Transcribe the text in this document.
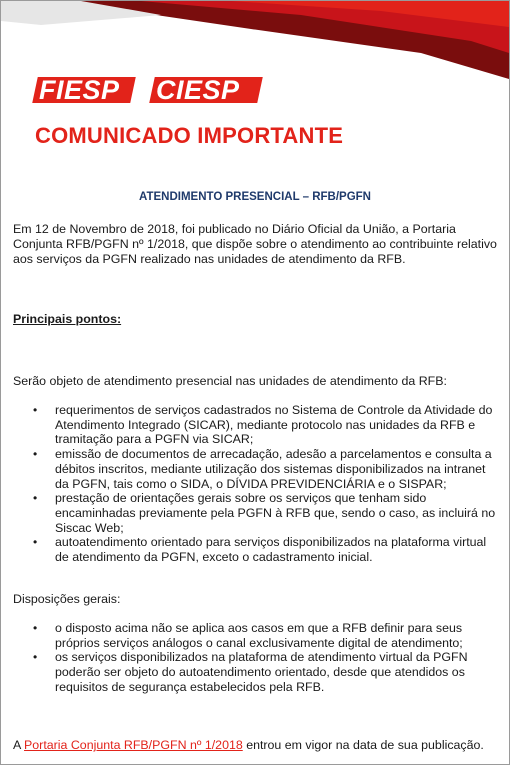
FIESP	CIESP
COMUNICADO IMPORTANTE
ATENDIMENTO PRESENCIAL – RFB/PGFN
Em 12 de Novembro de 2018, foi publicado no Diário Oficial da União, a Portaria Conjunta RFB/PGFN nº 1/2018, que dispõe sobre o atendimento ao contribuinte relativo aos serviços da PGFN realizado nas unidades de atendimento da RFB.
Principais pontos:
Serão objeto de atendimento presencial nas unidades de atendimento da RFB:
• requerimentos de serviços cadastrados no Sistema de Controle da Atividade do Atendimento Integrado (SICAR), mediante protocolo nas unidades da RFB e tramitação para a PGFN via SICAR;
• emissão de documentos de arrecadação, adesão a parcelamentos e consulta a débitos inscritos, mediante utilização dos sistemas disponibilizados na intranet da PGFN, tais como o SIDA, o DÍVIDA PREVIDENCIÁRIA e o SISPAR;
• prestação de orientações gerais sobre os serviços que tenham sido encaminhadas previamente pela PGFN à RFB que, sendo o caso, as incluirá no Siscac Web;
• autoatendimento orientado para serviços disponibilizados na plataforma virtual de atendimento da PGFN, exceto o cadastramento inicial.
Disposições gerais:
• o disposto acima não se aplica aos casos em que a RFB definir para seus próprios serviços análogos o canal exclusivamente digital de atendimento;
• os serviços disponibilizados na plataforma de atendimento virtual da PGFN poderão ser objeto do autoatendimento orientado, desde que atendidos os requisitos de segurança estabelecidos pela RFB.
A Portaria Conjunta RFB/PGFN nº 1/2018 entrou em vigor na data de sua publicação.
